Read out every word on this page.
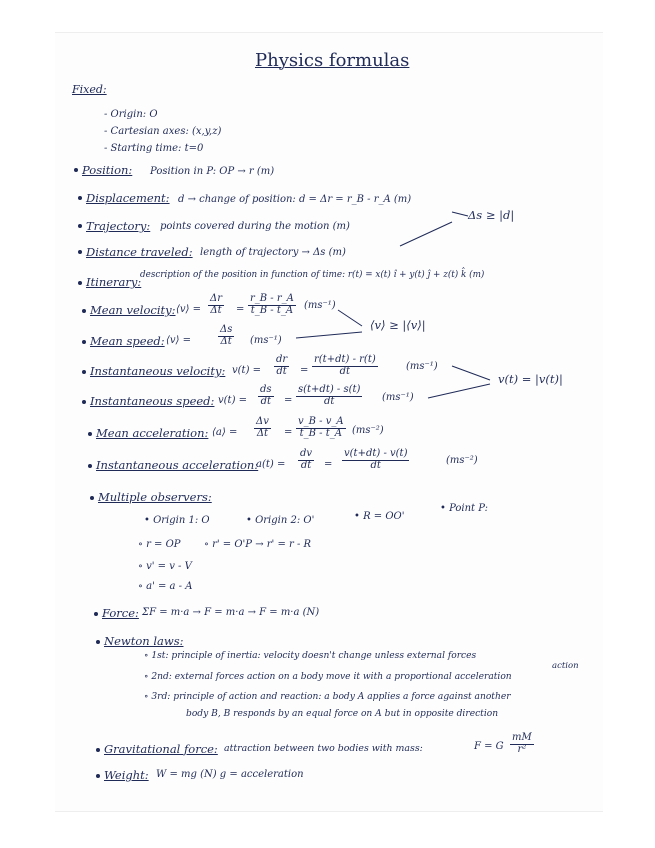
Physics formulas
Fixed:
- Origin: O
- Cartesian axes: (x,y,z)
- Starting time: t=0
Position: Position in P: OP → r (m)
Displacement: d → change of position: d = Δr = r_B - r_A (m)
Trajectory: points covered during the motion (m)
Distance traveled: length of trajectory → Δs (m)
Δs ≥ |d|
Itinerary:
description of the position in function of time: r(t) = x(t) î + y(t) ĵ + z(t) k̂ (m)
Mean velocity: ⟨v⟩ = $\frac{\Delta r}{\Delta t} = \frac{r\_B - r\_A}{t\_B - t\_A} (ms^{-1})$
Mean speed: ⟨v⟩ =	$\frac{\Delta s}{\Delta t} (ms^{-1})$
⟨v⟩ ≥ |⟨v⟩|
Instantaneous velocity: $v(t) = \frac{dr}{dt} = \frac{r(t+dt) - r(t)}{dt}$	(ms⁻¹)
Instantaneous speed: $v(t) = \frac{ds}{dt} = \frac{s(t+dt) - s(t)}{dt} (ms^{-1})$
v(t) = |v(t)|
Mean acceleration: ⟨a⟩ = $\frac{\Delta v}{\Delta t} = \frac{v\_B - v\_A}{t\_B - t\_A} (ms^{-2})$
Instantaneous acceleration:
$a(t) = \frac{dv}{dt} = \frac{v(t+dt) - v(t)}{dt}$	(ms⁻²)
Multiple observers:
• Origin 1: O	• Origin 2: O'	• R = OO'
• Point P:
∘ r = OP ∘ r' = O'P → r' = r - R
∘ v' = v - V
∘ a' = a - A
Force: ΣF = m·a → F = m·a → F = m·a (N)
Newton laws:
∘ 1st: principle of inertia: velocity doesn't change unless external forces
action
∘ 2nd: external forces action on a body move it with a proportional acceleration
∘ 3rd: principle of action and reaction: a body A applies a force against another
body B, B responds by an equal force on A but in opposite direction
Gravitational force: attraction between two bodies with mass:	F = G $\frac{mM}{\text{r²}}$
Weight: W = mg (N) g = acceleration
